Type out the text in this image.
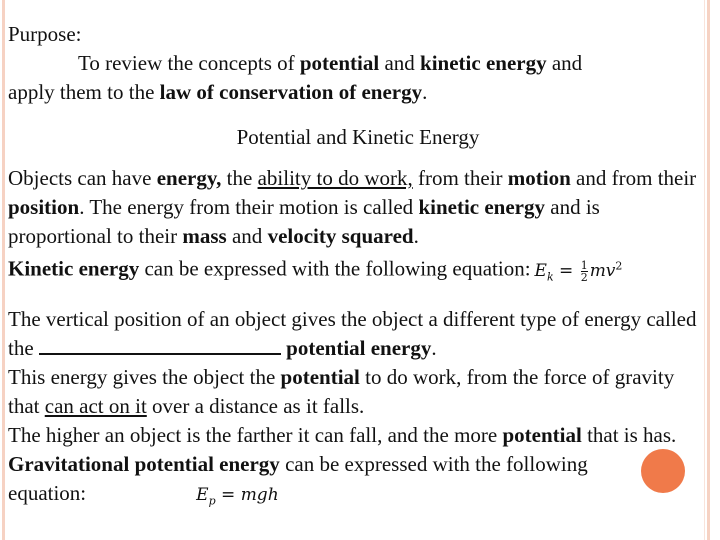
Purpose:

To review the concepts of potential and kinetic energy and
apply them to the law of conservation of energy.

Potential and Kinetic Energy

Objects can have energy, the ability to do work, from their motion and from their position. The energy from their motion is called kinetic energy and is proportional to their mass and velocity squared.
Kinetic energy can be expressed with the following equation: $E_k = \frac{1}{2} mv^2$

The vertical position of an object gives the object a different type of energy called the	potential energy.
This energy gives the object the potential to do work, from the force of gravity that can act on it over a distance as it falls.
The higher an object is the farther it can fall, and the more potential that is has.
Gravitational potential energy can be expressed with the following equation:	$E_p$ = mgh
